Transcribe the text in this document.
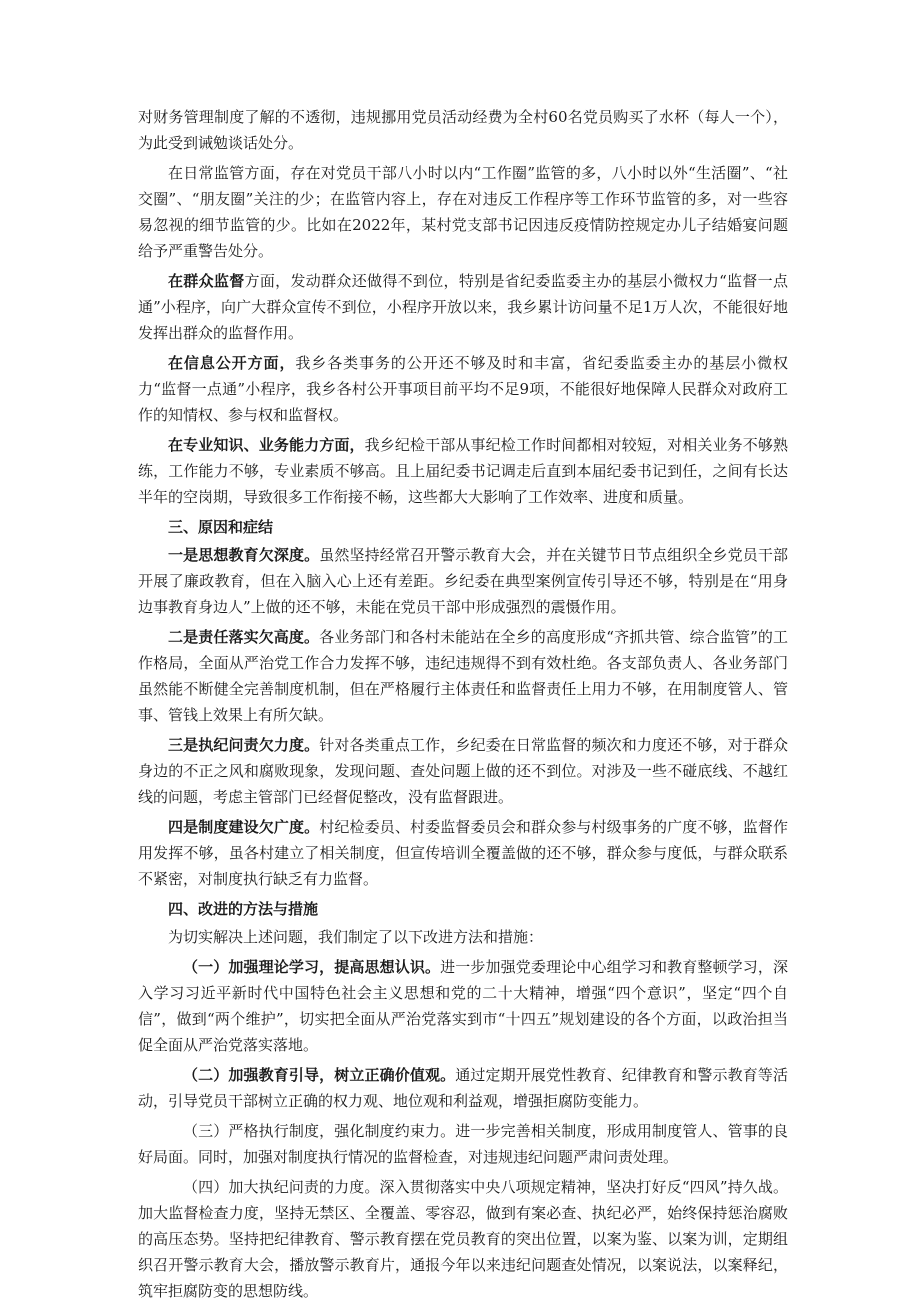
对财务管理制度了解的不透彻，违规挪用党员活动经费为全村60名党员购买了水杯（每人一个），为此受到诫勉谈话处分。

在日常监管方面，存在对党员干部八小时以内“工作圈”监管的多，八小时以外“生活圈”、“社交圈”、“朋友圈”关注的少；在监管内容上，存在对违反工作程序等工作环节监管的多，对一些容易忽视的细节监管的少。比如在2022年，某村党支部书记因违反疫情防控规定办儿子结婚宴问题给予严重警告处分。

在群众监督方面，发动群众还做得不到位，特别是省纪委监委主办的基层小微权力“监督一点通”小程序，向广大群众宣传不到位，小程序开放以来，我乡累计访问量不足1万人次，不能很好地发挥出群众的监督作用。

在信息公开方面，我乡各类事务的公开还不够及时和丰富，省纪委监委主办的基层小微权力“监督一点通”小程序，我乡各村公开事项目前平均不足9项，不能很好地保障人民群众对政府工作的知情权、参与权和监督权。

在专业知识、业务能力方面，我乡纪检干部从事纪检工作时间都相对较短，对相关业务不够熟练，工作能力不够，专业素质不够高。且上届纪委书记调走后直到本届纪委书记到任，之间有长达半年的空岗期，导致很多工作衔接不畅，这些都大大影响了工作效率、进度和质量。

三、原因和症结

一是思想教育欠深度。虽然坚持经常召开警示教育大会，并在关键节日节点组织全乡党员干部开展了廉政教育，但在入脑入心上还有差距。乡纪委在典型案例宣传引导还不够，特别是在“用身边事教育身边人”上做的还不够，未能在党员干部中形成强烈的震慑作用。

二是责任落实欠高度。各业务部门和各村未能站在全乡的高度形成“齐抓共管、综合监管”的工作格局，全面从严治党工作合力发挥不够，违纪违规得不到有效杜绝。各支部负责人、各业务部门虽然能不断健全完善制度机制，但在严格履行主体责任和监督责任上用力不够，在用制度管人、管事、管钱上效果上有所欠缺。

三是执纪问责欠力度。针对各类重点工作，乡纪委在日常监督的频次和力度还不够，对于群众身边的不正之风和腐败现象，发现问题、查处问题上做的还不到位。对涉及一些不碰底线、不越红线的问题，考虑主管部门已经督促整改，没有监督跟进。

四是制度建设欠广度。村纪检委员、村委监督委员会和群众参与村级事务的广度不够，监督作用发挥不够，虽各村建立了相关制度，但宣传培训全覆盖做的还不够，群众参与度低，与群众联系不紧密，对制度执行缺乏有力监督。

四、改进的方法与措施

为切实解决上述问题，我们制定了以下改进方法和措施：

（一）加强理论学习，提高思想认识。进一步加强党委理论中心组学习和教育整顿学习，深入学习习近平新时代中国特色社会主义思想和党的二十大精神，增强“四个意识”，坚定“四个自信”，做到“两个维护”，切实把全面从严治党落实到市“十四五”规划建设的各个方面，以政治担当促全面从严治党落实落地。

（二）加强教育引导，树立正确价值观。通过定期开展党性教育、纪律教育和警示教育等活动，引导党员干部树立正确的权力观、地位观和利益观，增强拒腐防变能力。

（三）严格执行制度，强化制度约束力。进一步完善相关制度，形成用制度管人、管事的良好局面。同时，加强对制度执行情况的监督检查，对违规违纪问题严肃问责处理。

（四）加大执纪问责的力度。深入贯彻落实中央八项规定精神，坚决打好反“四风”持久战。加大监督检查力度，坚持无禁区、全覆盖、零容忍，做到有案必查、执纪必严，始终保持惩治腐败的高压态势。坚持把纪律教育、警示教育摆在党员教育的突出位置，以案为鉴、以案为训，定期组织召开警示教育大会，播放警示教育片，通报今年以来违纪问题查处情况，以案说法，以案释纪，筑牢拒腐防变的思想防线。
